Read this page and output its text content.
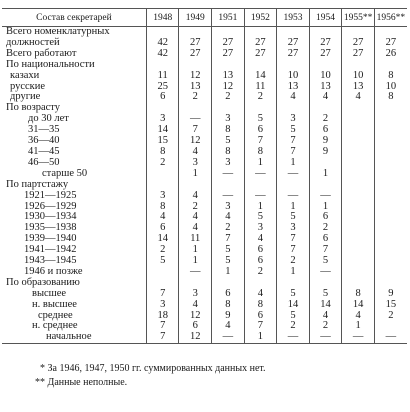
Состав секретарей	1948	1949	1951	1952	1953	1954	1955**	1956**
Всего номенклатурных								
должностей	42	27	27	27	27	27	27	27
Всего работают	42	27	27	27	27	27	27	26
По национальности								
казахи	11	12	13	14	10	10	10	8
русские	25	13	12	11	13	13	13	10
другие	6	2	2	2	4	4	4	8
По возрасту								
до 30 лет	3	—	3	5	3	2		
31—35	14	7	8	6	5	6		
36—40	15	12	5	7	7	9		
41—45	8	4	8	8	7	9		
46—50	2	3	3	1	1			
старше 50		1	—	—	—	1		
По партстажу								
1921—1925	3	4	—	—	—	—		
1926—1929	8	2	3	1	1	1		
1930—1934	4	4	4	5	5	6		
1935—1938	6	4	2	3	3	2		
1939—1940	14	11	7	4	7	6		
1941—1942	2	1	5	6	7	7		
1943—1945	5	1	5	6	2	5		
1946 и позже		—	1	2	1	—		
По образованию								
высшее	7	3	6	4	5	5	8	9
н. высшее	3	4	8	8	14	14	14	15
среднее	18	12	9	6	5	4	4	2
н. среднее	7	6	4	7	2	2	1	
начальное	7	12	—	1	—	—	—	—
* За 1946, 1947, 1950 гг. суммированных данных нет.
** Данные неполные.
